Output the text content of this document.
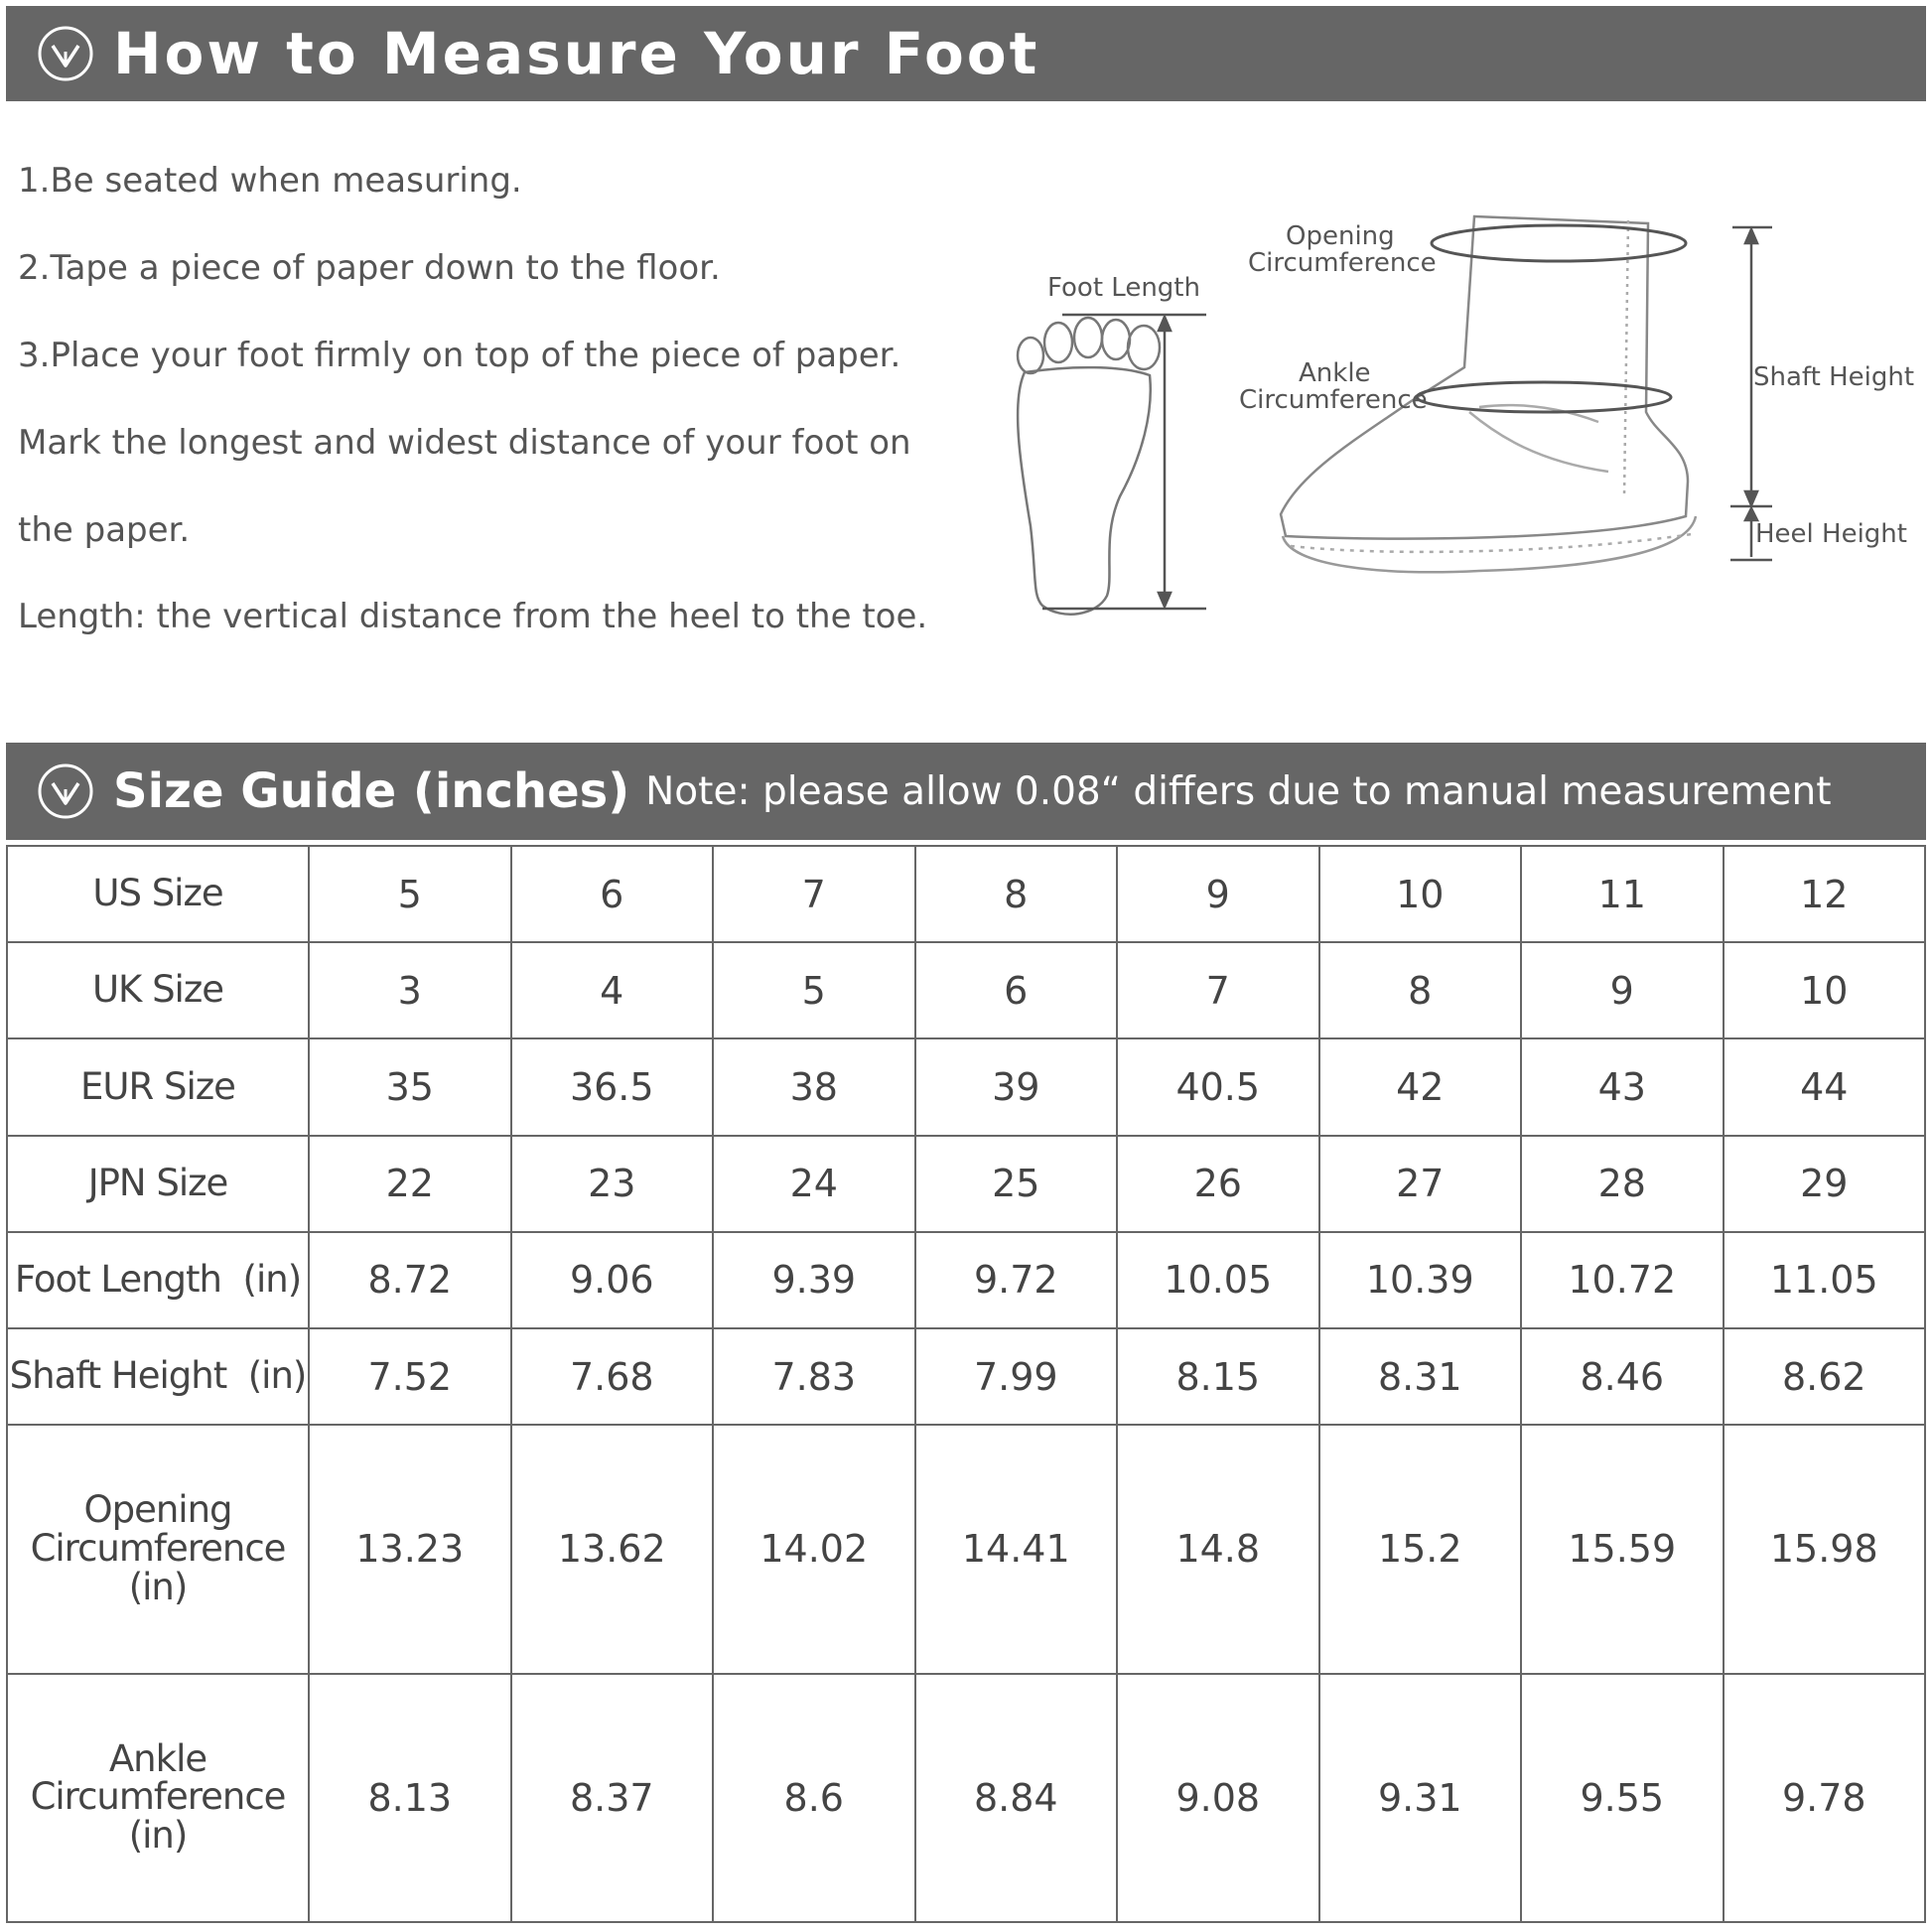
How to Measure Your Foot
1.Be seated when measuring.
2.Tape a piece of paper down to the floor.
3.Place your foot firmly on top of the piece of paper.
Mark the longest and widest distance of your foot on
the paper.
Length: the vertical distance from the heel to the toe.
Foot Length
Opening
Circumference
Ankle
Circumference
Shaft Height
Heel Height
Size Guide (inches) Note: please allow 0.08“ differs due to manual measurement
US Size	5	6	7	8	9	10	11	12
UK Size	3	4	5	6	7	8	9	10
EUR Size	35	36.5	38	39	40.5	42	43	44
JPN Size	22	23	24	25	26	27	28	29
Foot Length  (in)	8.72	9.06	9.39	9.72	10.05	10.39	10.72	11.05
Shaft Height  (in)	7.52	7.68	7.83	7.99	8.15	8.31	8.46	8.62

Opening
Circumference (in)	13.23	13.62	14.02	14.41	14.8	15.2	15.59	15.98

Ankle
Circumference (in)	8.13	8.37	8.6	8.84	9.08	9.31	9.55	9.78
